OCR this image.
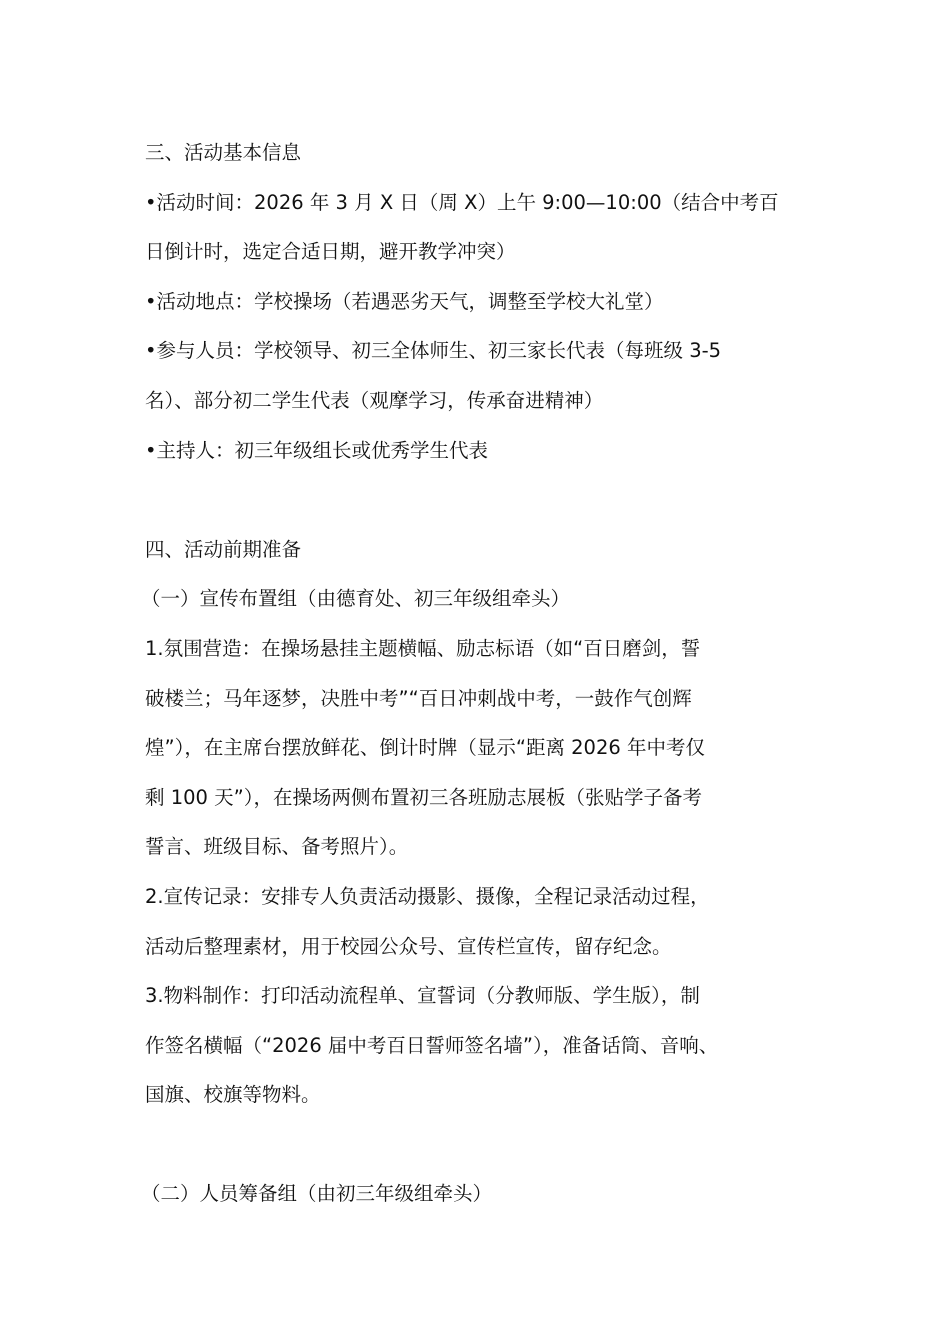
三、活动基本信息
•活动时间：2026 年 3 月 X 日（周 X）上午 9:00—10:00（结合中考百
日倒计时，选定合适日期，避开教学冲突）
•活动地点：学校操场（若遇恶劣天气，调整至学校大礼堂）
•参与人员：学校领导、初三全体师生、初三家长代表（每班级 3-5
名）、部分初二学生代表（观摩学习，传承奋进精神）
•主持人：初三年级组长或优秀学生代表
四、活动前期准备
（一）宣传布置组（由德育处、初三年级组牵头）
1.氛围营造：在操场悬挂主题横幅、励志标语（如“百日磨剑，誓
破楼兰；马年逐梦，决胜中考”“百日冲刺战中考，一鼓作气创辉
煌”），在主席台摆放鲜花、倒计时牌（显示“距离 2026 年中考仅
剩 100 天”），在操场两侧布置初三各班励志展板（张贴学子备考
誓言、班级目标、备考照片）。
2.宣传记录：安排专人负责活动摄影、摄像，全程记录活动过程，
活动后整理素材，用于校园公众号、宣传栏宣传，留存纪念。
3.物料制作：打印活动流程单、宣誓词（分教师版、学生版），制
作签名横幅（“2026 届中考百日誓师签名墙”），准备话筒、音响、
国旗、校旗等物料。
（二）人员筹备组（由初三年级组牵头）
